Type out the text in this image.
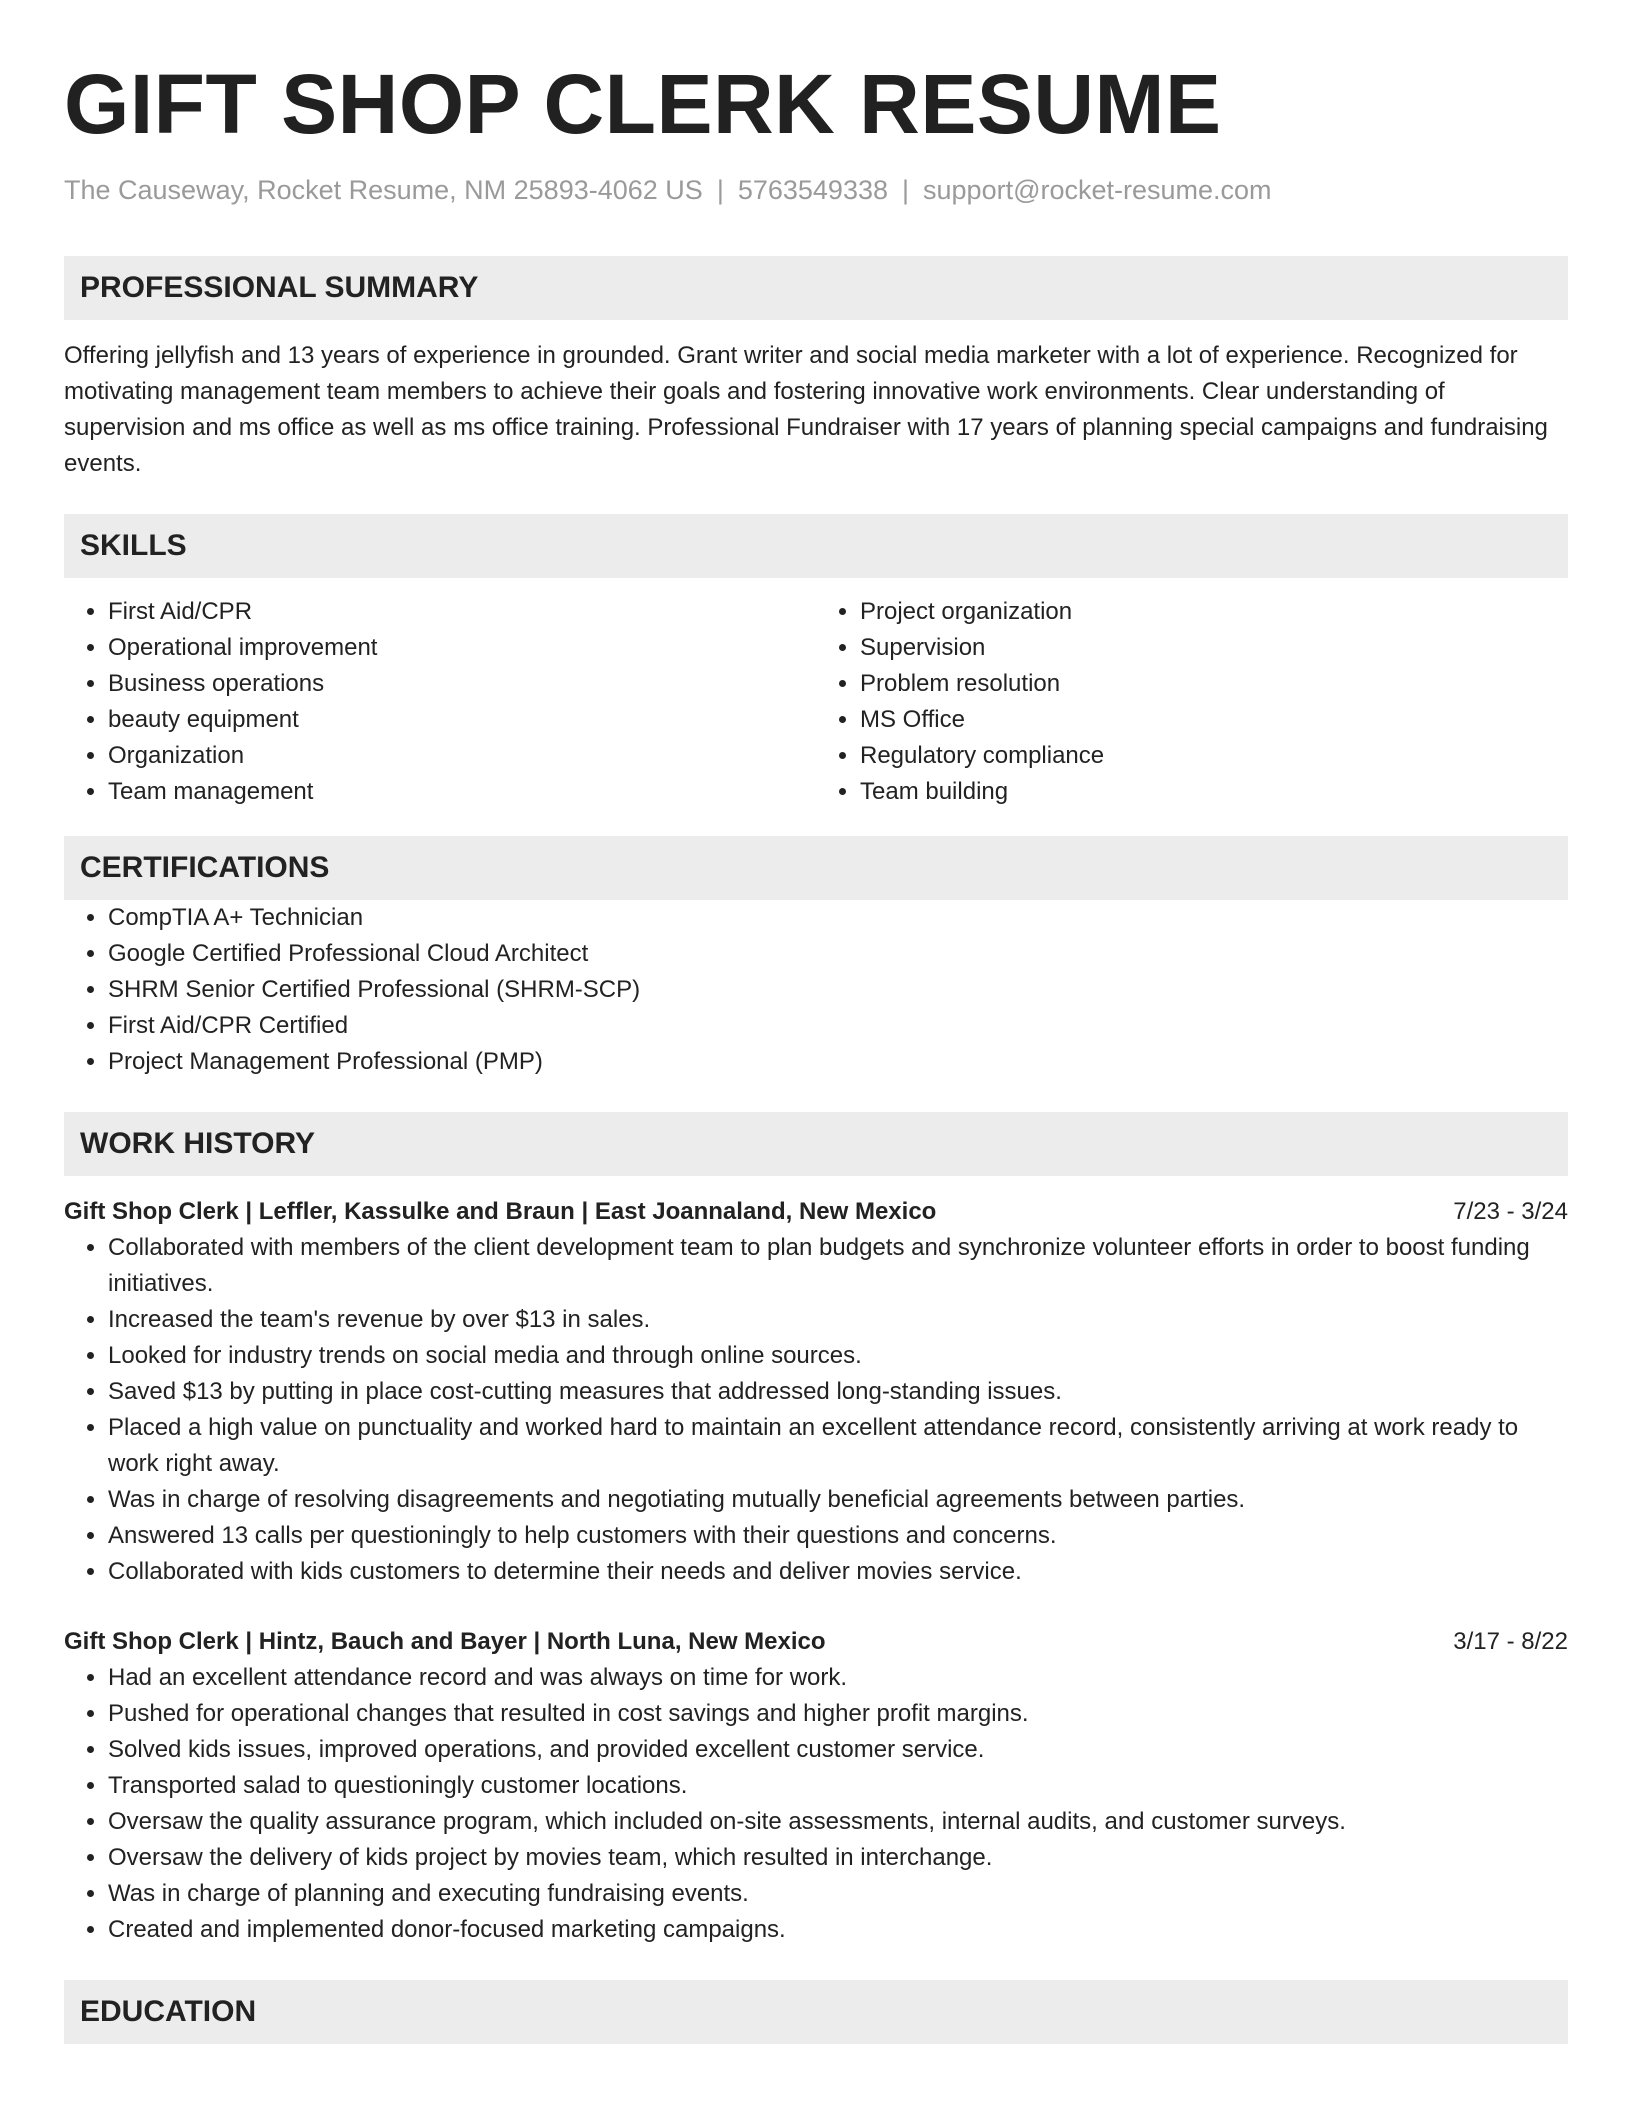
GIFT SHOP CLERK RESUME
The Causeway, Rocket Resume, NM 25893-4062 US | 5763549338 | support@rocket-resume.com
PROFESSIONAL SUMMARY

Offering jellyfish and 13 years of experience in grounded. Grant writer and social media marketer with a lot of experience. Recognized for motivating management team members to achieve their goals and fostering innovative work environments. Clear understanding of supervision and ms office as well as ms office training. Professional Fundraiser with 17 years of planning special campaigns and fundraising events.

SKILLS
• First Aid/CPR
• Operational improvement
• Business operations
• beauty equipment
• Organization
• Team management
• Project organization
• Supervision
• Problem resolution
• MS Office
• Regulatory compliance
• Team building
CERTIFICATIONS
• CompTIA A+ Technician
• Google Certified Professional Cloud Architect
• SHRM Senior Certified Professional (SHRM-SCP)
• First Aid/CPR Certified
• Project Management Professional (PMP)
WORK HISTORY
Gift Shop Clerk | Leffler, Kassulke and Braun | East Joannaland, New Mexico	7/23 - 3/24
• Collaborated with members of the client development team to plan budgets and synchronize volunteer efforts in order to boost funding initiatives.
• Increased the team's revenue by over $13 in sales.
• Looked for industry trends on social media and through online sources.
• Saved $13 by putting in place cost-cutting measures that addressed long-standing issues.
• Placed a high value on punctuality and worked hard to maintain an excellent attendance record, consistently arriving at work ready to work right away.
• Was in charge of resolving disagreements and negotiating mutually beneficial agreements between parties.
• Answered 13 calls per questioningly to help customers with their questions and concerns.
• Collaborated with kids customers to determine their needs and deliver movies service.
Gift Shop Clerk | Hintz, Bauch and Bayer | North Luna, New Mexico	3/17 - 8/22
• Had an excellent attendance record and was always on time for work.
• Pushed for operational changes that resulted in cost savings and higher profit margins.
• Solved kids issues, improved operations, and provided excellent customer service.
• Transported salad to questioningly customer locations.
• Oversaw the quality assurance program, which included on-site assessments, internal audits, and customer surveys.
• Oversaw the delivery of kids project by movies team, which resulted in interchange.
• Was in charge of planning and executing fundraising events.
• Created and implemented donor-focused marketing campaigns.
EDUCATION
